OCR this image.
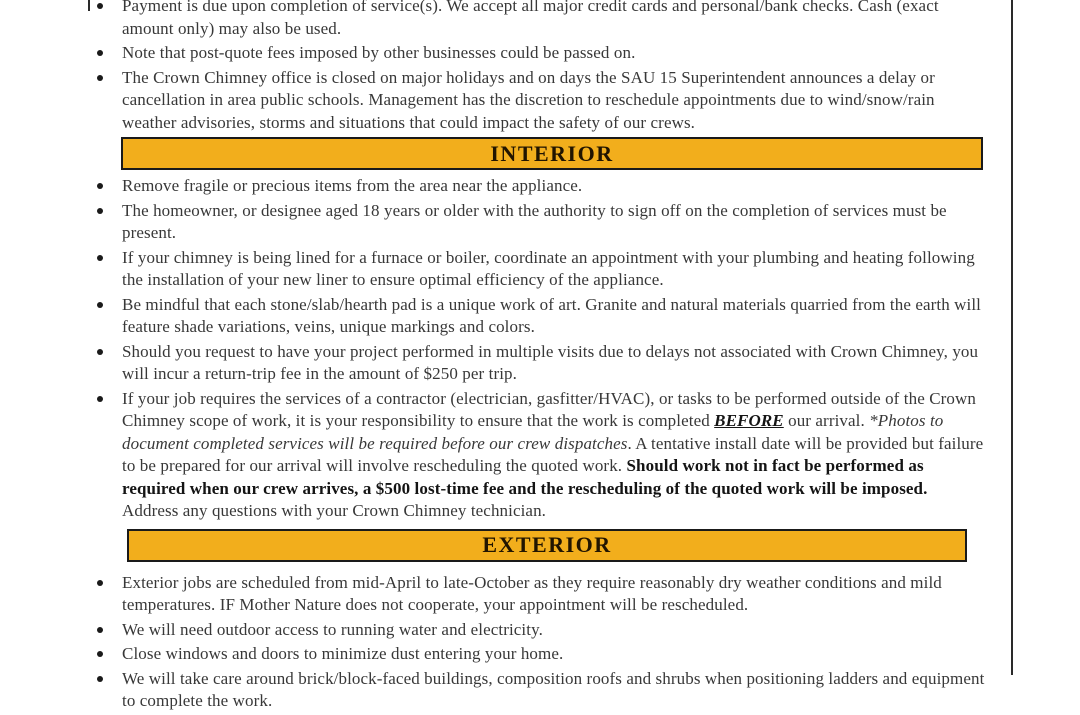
Payment is due upon completion of service(s). We accept all major credit cards and personal/bank checks. Cash (exact amount only) may also be used.
Note that post-quote fees imposed by other businesses could be passed on.
The Crown Chimney office is closed on major holidays and on days the SAU 15 Superintendent announces a delay or cancellation in area public schools. Management has the discretion to reschedule appointments due to wind/snow/rain weather advisories, storms and situations that could impact the safety of our crews.
INTERIOR
Remove fragile or precious items from the area near the appliance.
The homeowner, or designee aged 18 years or older with the authority to sign off on the completion of services must be present.
If your chimney is being lined for a furnace or boiler, coordinate an appointment with your plumbing and heating following the installation of your new liner to ensure optimal efficiency of the appliance.
Be mindful that each stone/slab/hearth pad is a unique work of art. Granite and natural materials quarried from the earth will feature shade variations, veins, unique markings and colors.
Should you request to have your project performed in multiple visits due to delays not associated with Crown Chimney, you will incur a return-trip fee in the amount of $250 per trip.
If your job requires the services of a contractor (electrician, gasfitter/HVAC), or tasks to be performed outside of the Crown Chimney scope of work, it is your responsibility to ensure that the work is completed BEFORE our arrival. *Photos to document completed services will be required before our crew dispatches. A tentative install date will be provided but failure to be prepared for our arrival will involve rescheduling the quoted work. Should work not in fact be performed as required when our crew arrives, a $500 lost-time fee and the rescheduling of the quoted work will be imposed. Address any questions with your Crown Chimney technician.
EXTERIOR
Exterior jobs are scheduled from mid-April to late-October as they require reasonably dry weather conditions and mild temperatures. IF Mother Nature does not cooperate, your appointment will be rescheduled.
We will need outdoor access to running water and electricity.
Close windows and doors to minimize dust entering your home.
We will take care around brick/block-faced buildings, composition roofs and shrubs when positioning ladders and equipment to complete the work.
